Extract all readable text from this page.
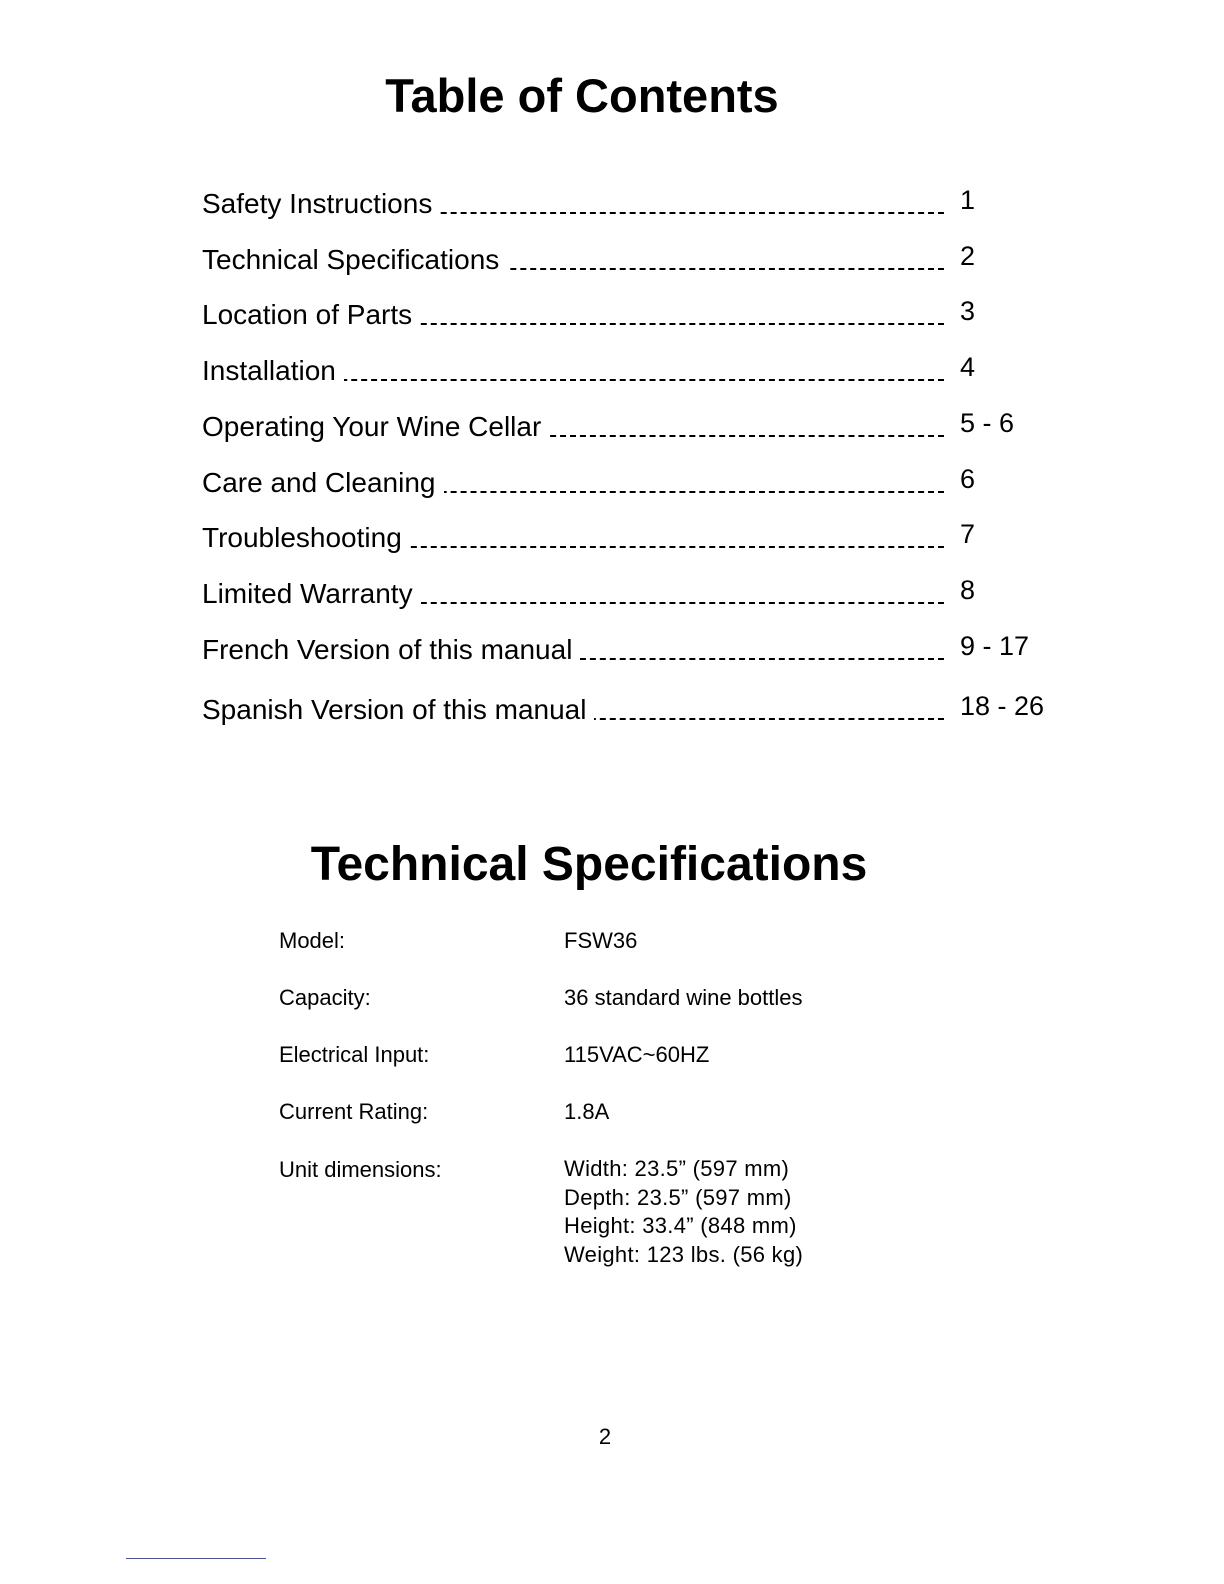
Table of Contents
Safety Instructions	1
Technical Specifications	2
Location of Parts	3
Installation	4
Operating Your Wine Cellar	5 - 6
Care and Cleaning	6
Troubleshooting	7
Limited Warranty	8
French Version of this manual	9 - 17
Spanish Version of this manual	18 - 26
Technical Specifications
Model:	FSW36
Capacity:	36 standard wine bottles
Electrical Input:	115VAC~60HZ
Current Rating:	1.8A
Unit dimensions:	Width: 23.5” (597 mm)
Depth: 23.5” (597 mm)
Height: 33.4” (848 mm)
Weight: 123 lbs. (56 kg)
2
